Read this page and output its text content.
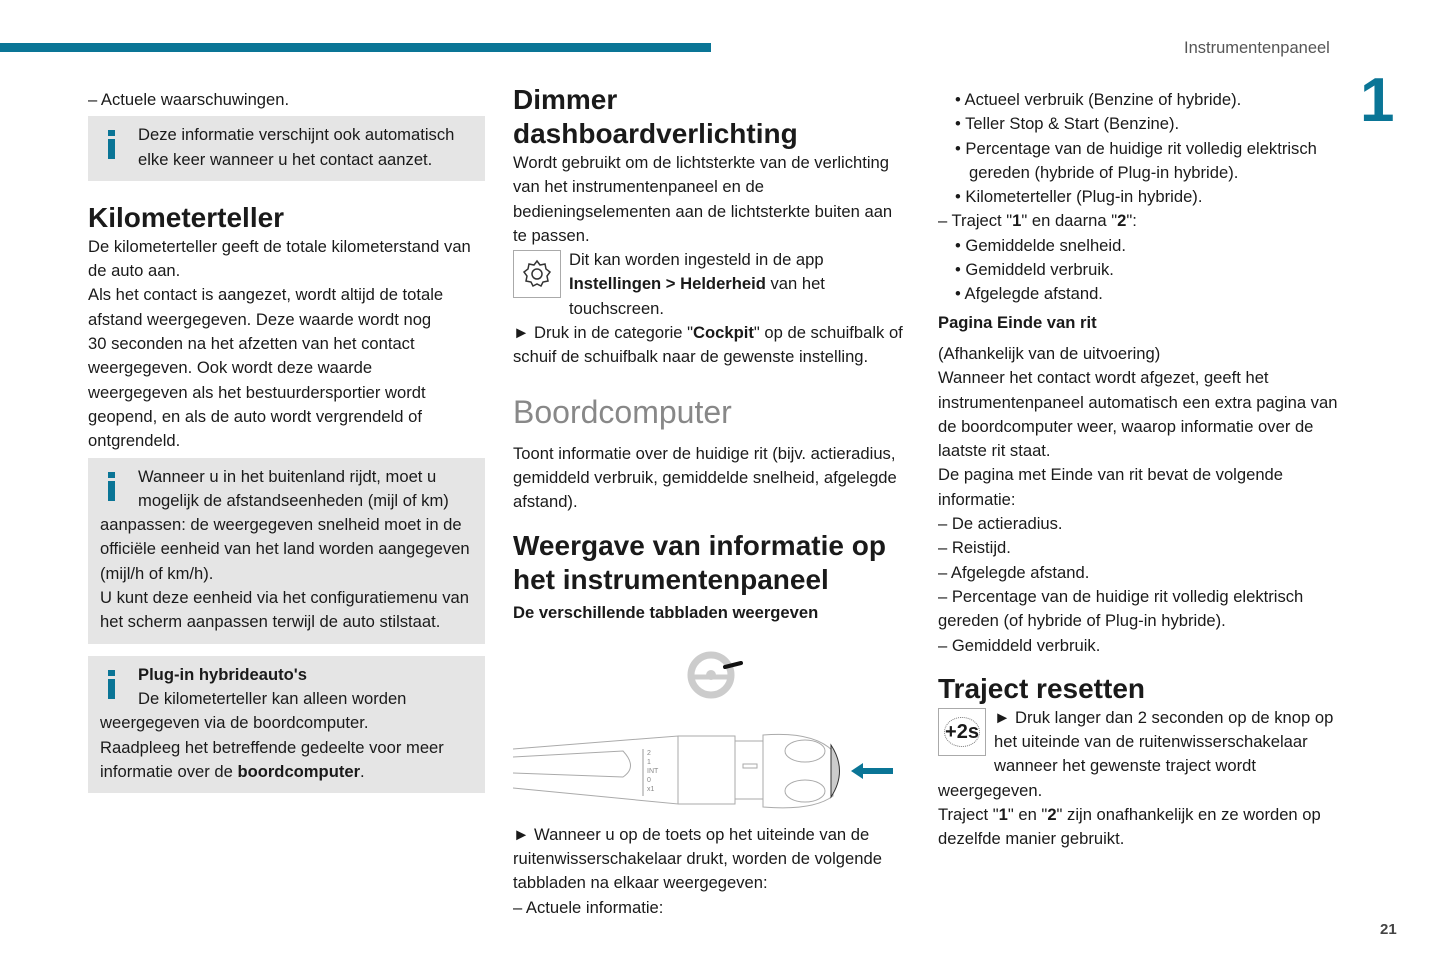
Instrumentenpaneel
1
21

– Actuele waarschuwingen.

Deze informatie verschijnt ook automatisch elke keer wanneer u het contact aanzet.

Kilometerteller

De kilometerteller geeft de totale kilometerstand van de auto aan.

Als het contact is aangezet, wordt altijd de totale afstand weergegeven. Deze waarde wordt nog 30 seconden na het afzetten van het contact weergegeven. Ook wordt deze waarde weergegeven als het bestuurdersportier wordt geopend, en als de auto wordt vergrendeld of ontgrendeld.

Wanneer u in het buitenland rijdt, moet u mogelijk de afstandseenheden (mijl of km)

aanpassen: de weergegeven snelheid moet in de officiële eenheid van het land worden aangegeven (mijl/h of km/h).

U kunt deze eenheid via het configuratiemenu van het scherm aanpassen terwijl de auto stilstaat.

Plug-in hybrideauto's

De kilometerteller kan alleen worden

weergegeven via de boordcomputer.

Raadpleeg het betreffende gedeelte voor meer informatie over de boordcomputer.

Dimmer dashboardverlichting

Wordt gebruikt om de lichtsterkte van de verlichting van het instrumentenpaneel en de bedieningselementen aan de lichtsterkte buiten aan te passen.

Dit kan worden ingesteld in de app Instellingen > Helderheid van het touchscreen.

► Druk in de categorie "Cockpit" op de schuifbalk of schuif de schuifbalk naar de gewenste instelling.

Boordcomputer

Toont informatie over de huidige rit (bijv. actieradius, gemiddeld verbruik, gemiddelde snelheid, afgelegde afstand).

Weergave van informatie op het instrumentenpaneel
De verschillende tabbladen weergeven
2
1
INT
0
x1

► Wanneer u op de toets op het uiteinde van de ruitenwisserschakelaar drukt, worden de volgende tabbladen na elkaar weergegeven:

– Actuele informatie:

• Actueel verbruik (Benzine of hybride).
• Teller Stop & Start (Benzine).
• Percentage van de huidige rit volledig elektrisch gereden (hybride of Plug-in hybride).
• Kilometerteller (Plug-in hybride).

– Traject "1" en daarna "2":

• Gemiddelde snelheid.
• Gemiddeld verbruik.
• Afgelegde afstand.
Pagina Einde van rit

(Afhankelijk van de uitvoering)

Wanneer het contact wordt afgezet, geeft het instrumentenpaneel automatisch een extra pagina van de boordcomputer weer, waarop informatie over de laatste rit staat.

De pagina met Einde van rit bevat de volgende informatie:

– De actieradius.

– Reistijd.

– Afgelegde afstand.

– Percentage van de huidige rit volledig elektrisch gereden (of hybride of Plug-in hybride).

– Gemiddeld verbruik.

Traject resetten
+2s

► Druk langer dan 2 seconden op de knop op het uiteinde van de ruitenwisserschakelaar wanneer het gewenste traject wordt weergegeven.

Traject "1" en "2" zijn onafhankelijk en ze worden op dezelfde manier gebruikt.
